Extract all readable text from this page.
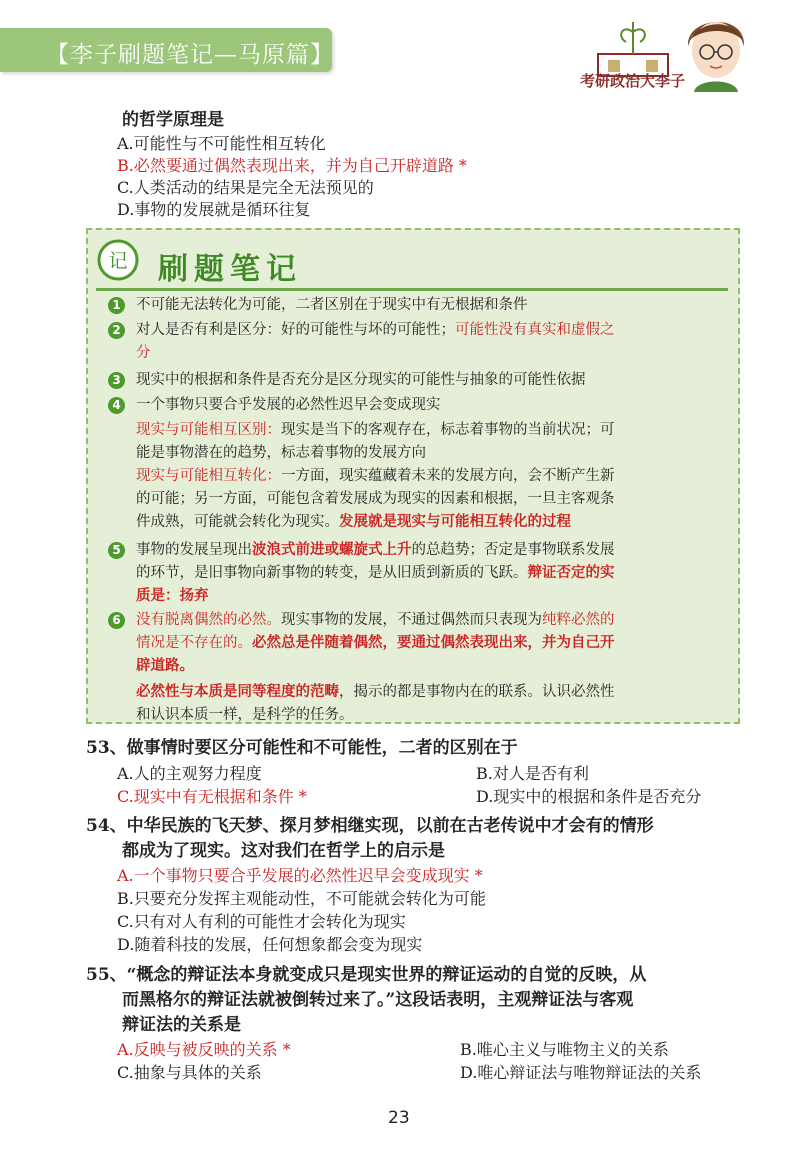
【李子刷题笔记—马原篇】
考研政治大李子
的哲学原理是
A.可能性与不可能性相互转化
B.必然要通过偶然表现出来，并为自己开辟道路 *
C.人类活动的结果是完全无法预见的
D.事物的发展就是循环往复
记 刷题笔记
1 不可能无法转化为可能，二者区别在于现实中有无根据和条件
2 对人是否有利是区分：好的可能性与坏的可能性；可能性没有真实和虚假之
分
3 现实中的根据和条件是否充分是区分现实的可能性与抽象的可能性依据
4 一个事物只要合乎发展的必然性迟早会变成现实
现实与可能相互区别：现实是当下的客观存在，标志着事物的当前状况；可
能是事物潜在的趋势，标志着事物的发展方向
现实与可能相互转化：一方面，现实蕴藏着未来的发展方向，会不断产生新
的可能；另一方面，可能包含着发展成为现实的因素和根据，一旦主客观条
件成熟，可能就会转化为现实。发展就是现实与可能相互转化的过程
5 事物的发展呈现出波浪式前进或螺旋式上升的总趋势；否定是事物联系发展
的环节，是旧事物向新事物的转变，是从旧质到新质的飞跃。辩证否定的实
质是：扬弃
6 没有脱离偶然的必然。现实事物的发展，不通过偶然而只表现为纯粹必然的
情况是不存在的。必然总是伴随着偶然，要通过偶然表现出来，并为自己开
辟道路。
必然性与本质是同等程度的范畴，揭示的都是事物内在的联系。认识必然性
和认识本质一样，是科学的任务。
53、做事情时要区分可能性和不可能性，二者的区别在于
A.人的主观努力程度	B.对人是否有利
C.现实中有无根据和条件 *	D.现实中的根据和条件是否充分
54、中华民族的飞天梦、探月梦相继实现，以前在古老传说中才会有的情形
都成为了现实。这对我们在哲学上的启示是
A.一个事物只要合乎发展的必然性迟早会变成现实 *
B.只要充分发挥主观能动性，不可能就会转化为可能
C.只有对人有利的可能性才会转化为现实
D.随着科技的发展，任何想象都会变为现实
55、“概念的辩证法本身就变成只是现实世界的辩证运动的自觉的反映，从
而黑格尔的辩证法就被倒转过来了。”这段话表明，主观辩证法与客观
辩证法的关系是
A.反映与被反映的关系 *	B.唯心主义与唯物主义的关系
C.抽象与具体的关系	D.唯心辩证法与唯物辩证法的关系
23
